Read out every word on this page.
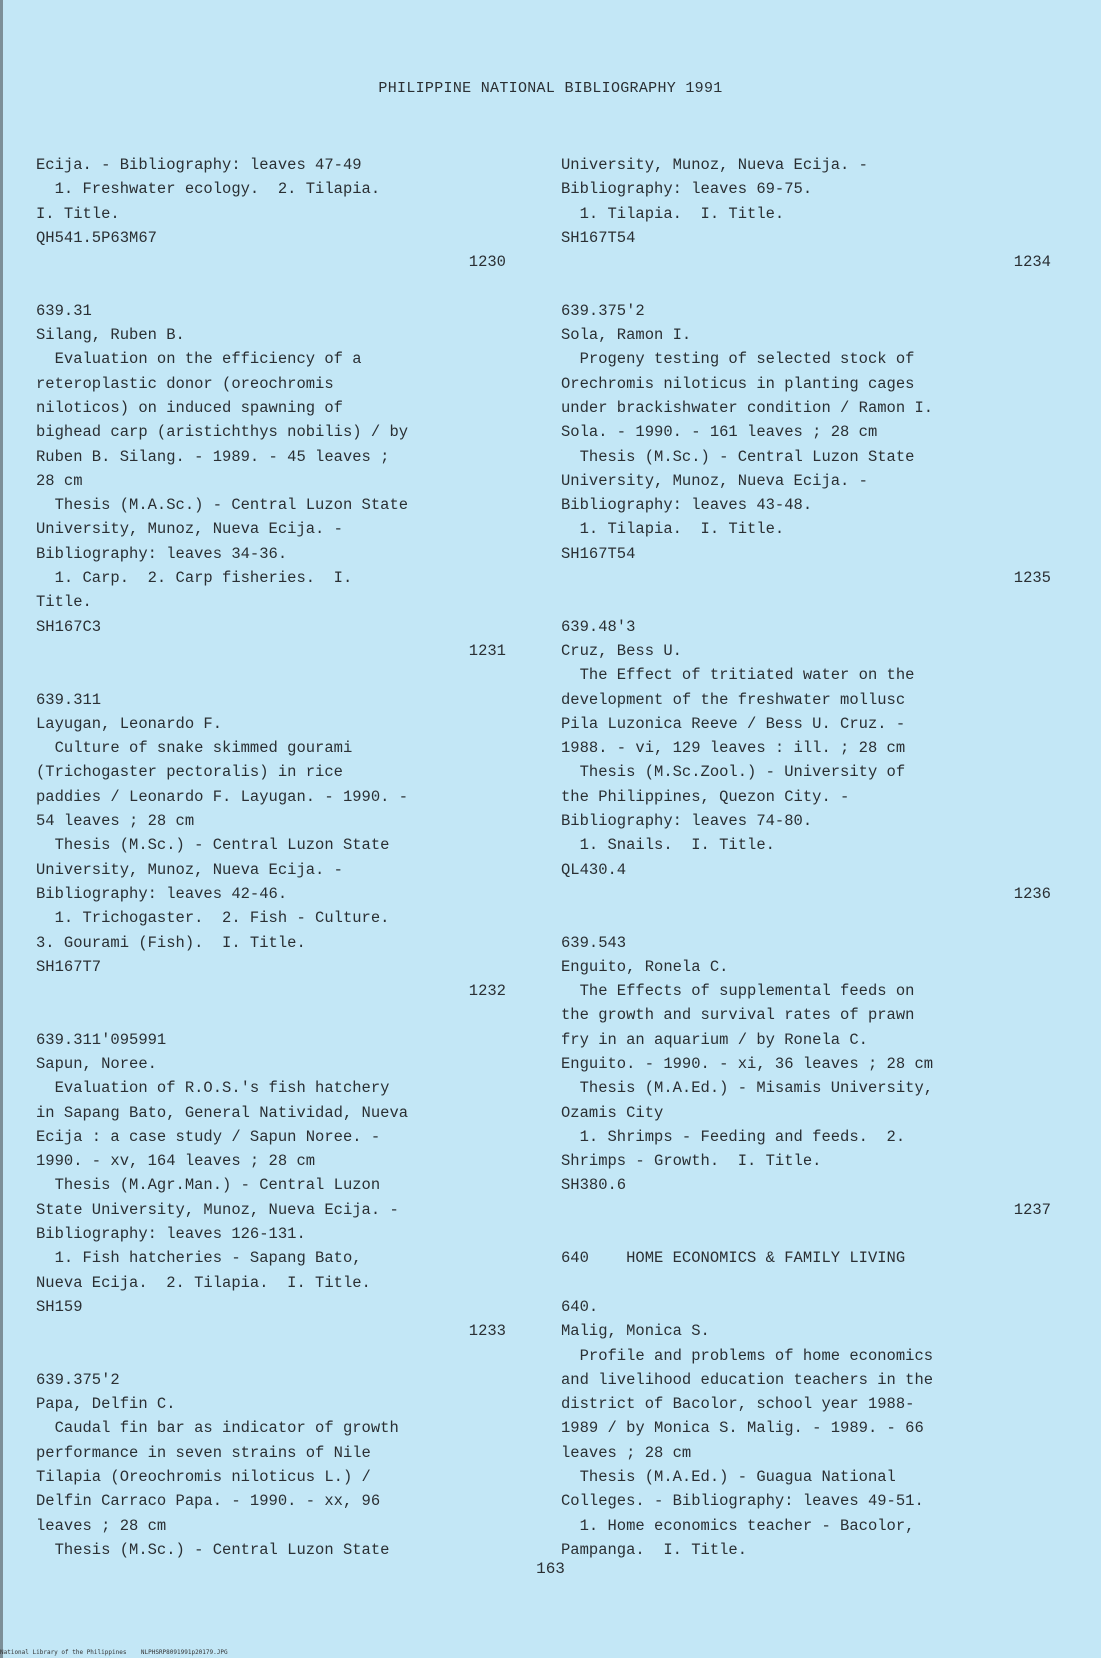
PHILIPPINE NATIONAL BIBLIOGRAPHY 1991
Ecija. - Bibliography: leaves 47-49
1. Freshwater ecology.  2. Tilapia.
I. Title.
QH541.5P63M67
1230
639.31
Silang, Ruben B.
Evaluation on the efficiency of a
reteroplastic donor (oreochromis
niloticos) on induced spawning of
bighead carp (aristichthys nobilis) / by
Ruben B. Silang. - 1989. - 45 leaves ;
28 cm
Thesis (M.A.Sc.) - Central Luzon State
University, Munoz, Nueva Ecija. -
Bibliography: leaves 34-36.
1. Carp.  2. Carp fisheries.  I.
Title.
SH167C3
1231
639.311
Layugan, Leonardo F.
Culture of snake skimmed gourami
(Trichogaster pectoralis) in rice
paddies / Leonardo F. Layugan. - 1990. -
54 leaves ; 28 cm
Thesis (M.Sc.) - Central Luzon State
University, Munoz, Nueva Ecija. -
Bibliography: leaves 42-46.
1. Trichogaster.  2. Fish - Culture.
3. Gourami (Fish).  I. Title.
SH167T7
1232
639.311'095991
Sapun, Noree.
Evaluation of R.O.S.'s fish hatchery
in Sapang Bato, General Natividad, Nueva
Ecija : a case study / Sapun Noree. -
1990. - xv, 164 leaves ; 28 cm
Thesis (M.Agr.Man.) - Central Luzon
State University, Munoz, Nueva Ecija. -
Bibliography: leaves 126-131.
1. Fish hatcheries - Sapang Bato,
Nueva Ecija.  2. Tilapia.  I. Title.
SH159
1233
639.375'2
Papa, Delfin C.
Caudal fin bar as indicator of growth
performance in seven strains of Nile
Tilapia (Oreochromis niloticus L.) /
Delfin Carraco Papa. - 1990. - xx, 96
leaves ; 28 cm
Thesis (M.Sc.) - Central Luzon State
University, Munoz, Nueva Ecija. -
Bibliography: leaves 69-75.
1. Tilapia.  I. Title.
SH167T54
1234
639.375'2
Sola, Ramon I.
Progeny testing of selected stock of
Orechromis niloticus in planting cages
under brackishwater condition / Ramon I.
Sola. - 1990. - 161 leaves ; 28 cm
Thesis (M.Sc.) - Central Luzon State
University, Munoz, Nueva Ecija. -
Bibliography: leaves 43-48.
1. Tilapia.  I. Title.
SH167T54
1235
639.48'3
Cruz, Bess U.
The Effect of tritiated water on the
development of the freshwater mollusc
Pila Luzonica Reeve / Bess U. Cruz. -
1988. - vi, 129 leaves : ill. ; 28 cm
Thesis (M.Sc.Zool.) - University of
the Philippines, Quezon City. -
Bibliography: leaves 74-80.
1. Snails.  I. Title.
QL430.4
1236
639.543
Enguito, Ronela C.
The Effects of supplemental feeds on
the growth and survival rates of prawn
fry in an aquarium / by Ronela C.
Enguito. - 1990. - xi, 36 leaves ; 28 cm
Thesis (M.A.Ed.) - Misamis University,
Ozamis City
1. Shrimps - Feeding and feeds.  2.
Shrimps - Growth.  I. Title.
SH380.6
1237
640    HOME ECONOMICS & FAMILY LIVING
640.
Malig, Monica S.
Profile and problems of home economics
and livelihood education teachers in the
district of Bacolor, school year 1988-
1989 / by Monica S. Malig. - 1989. - 66
leaves ; 28 cm
Thesis (M.A.Ed.) - Guagua National
Colleges. - Bibliography: leaves 49-51.
1. Home economics teacher - Bacolor,
Pampanga.  I. Title.
163
National Library of the Philippines    NLPHSRP8091991p20179.JPG
